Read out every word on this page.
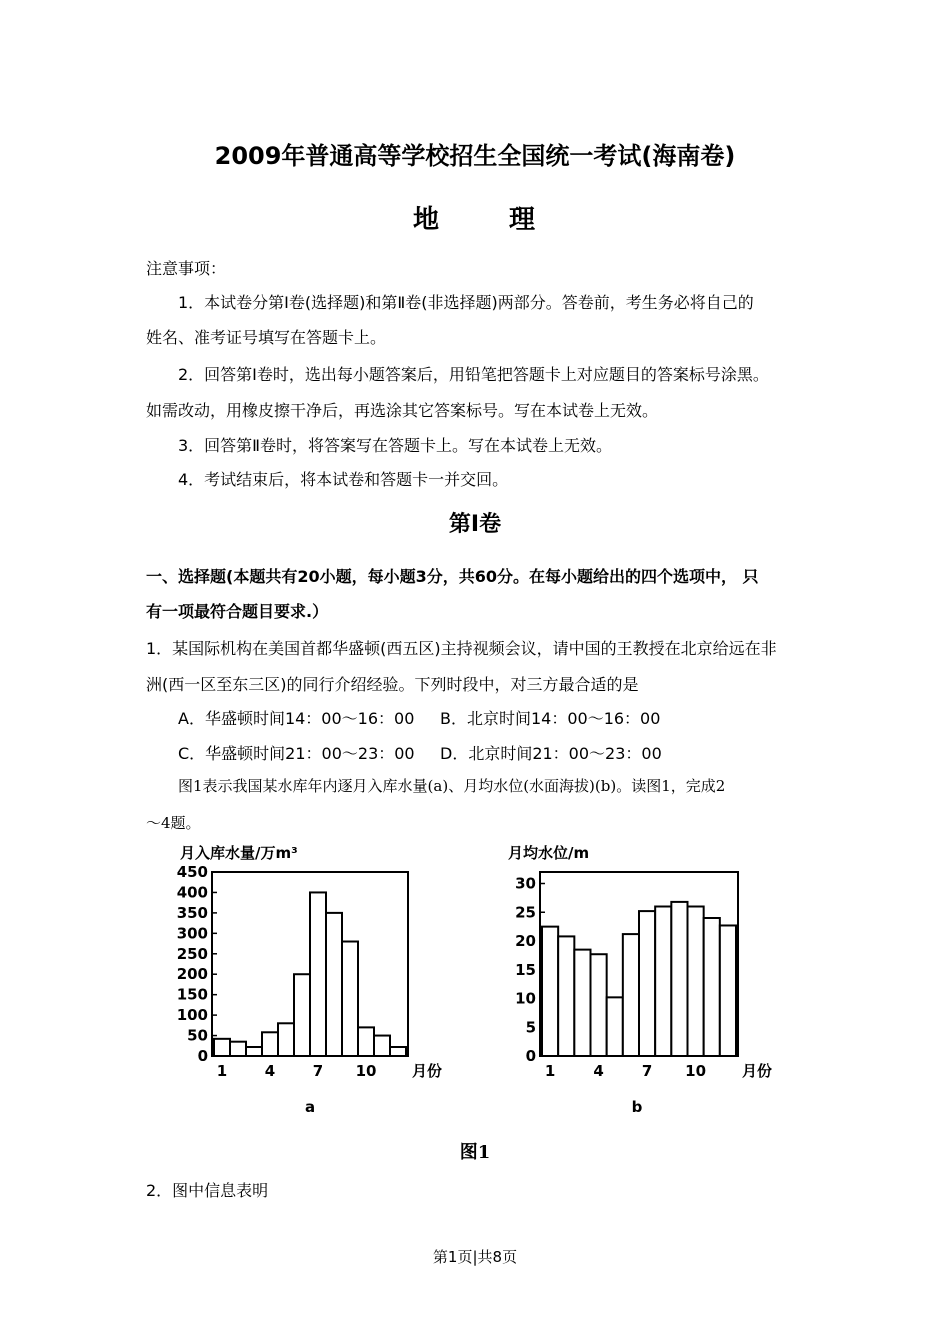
2009年普通高等学校招生全国统一考试(海南卷)
地　理
注意事项：
1．本试卷分第Ⅰ卷(选择题)和第Ⅱ卷(非选择题)两部分。答卷前，考生务必将自己的
姓名、准考证号填写在答题卡上。
2．回答第Ⅰ卷时，选出每小题答案后，用铅笔把答题卡上对应题目的答案标号涂黑。
如需改动，用橡皮擦干净后，再选涂其它答案标号。写在本试卷上无效。
3．回答第Ⅱ卷时，将答案写在答题卡上。写在本试卷上无效。
4．考试结束后，将本试卷和答题卡一并交回。
第Ⅰ卷
一、选择题(本题共有20小题，每小题3分，共60分。在每小题给出的四个选项中， 只
有一项最符合题目要求.）
1．某国际机构在美国首都华盛顿(西五区)主持视频会议，请中国的王教授在北京给远在非
洲(西一区至东三区)的同行介绍经验。下列时段中，对三方最合适的是
A．华盛顿时间14：00～16：00 B．北京时间14：00～16：00
C．华盛顿时间21：00～23：00 D．北京时间21：00～23：00
图1表示我国某水库年内逐月入库水量(a)、月均水位(水面海拔)(b)。读图1，完成2
～4题。
0
50
100
150
200
250
300
350
400
450
1	4	7 10 月份
月入库水量/万m³
a
0
5
10
15
20
25
30
1	4	7 10 月份
月均水位/m
b
图1
2．图中信息表明
第1页|共8页
